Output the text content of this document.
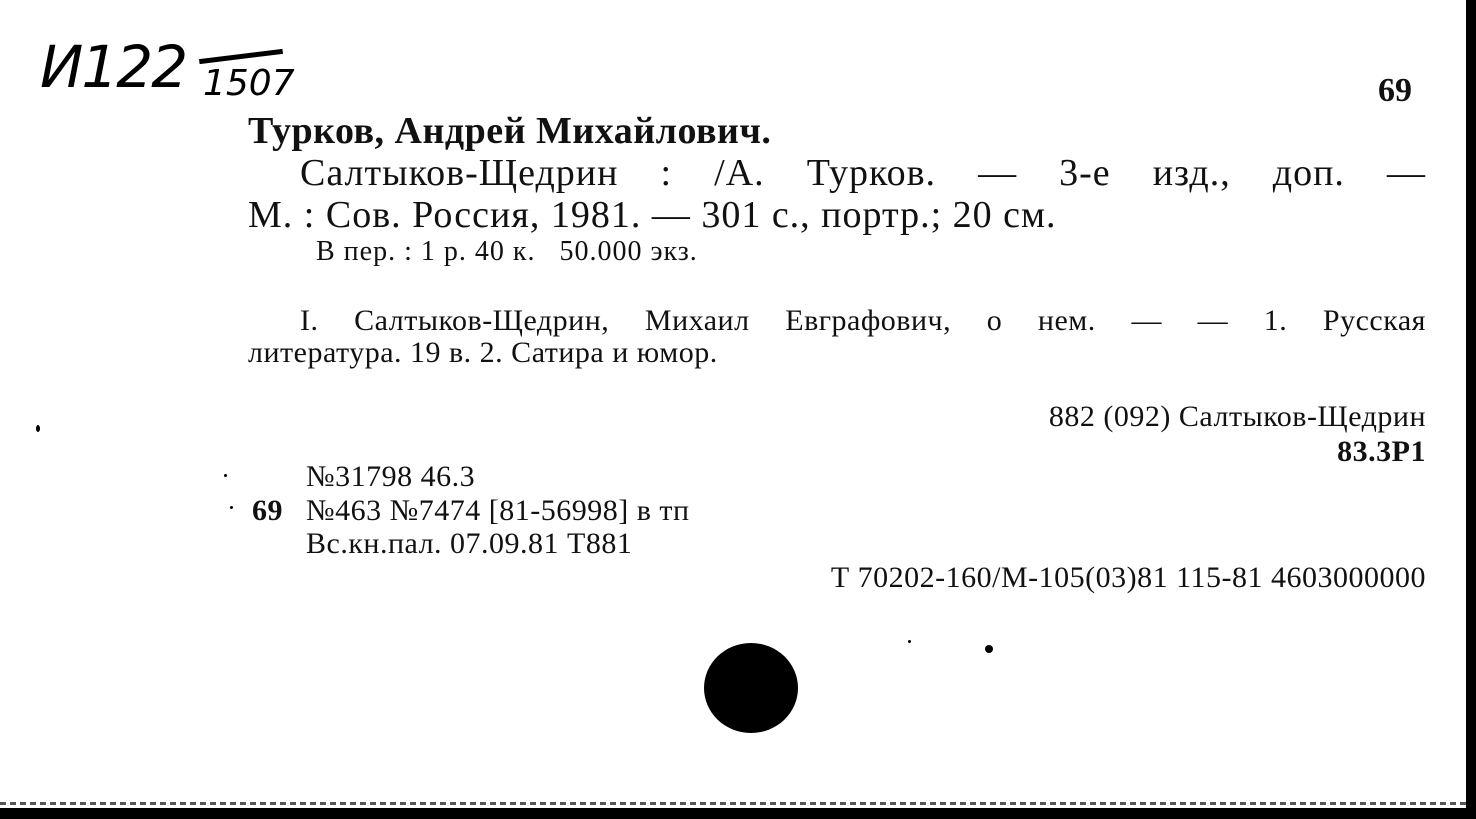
И122 1507	69
Турков, Андрей Михайлович.
Салтыков-Щедрин : /А. Турков. — 3-е изд., доп. —
М. : Сов. Россия, 1981. — 301 с., портр.; 20 см.
В пер. : 1 р. 40 к.   50.000 экз.
I. Салтыков-Щедрин, Михаил Евграфович, о нем. — — 1. Русская
литература. 19 в. 2. Сатира и юмор.
882 (092) Салтыков-Щедрин
83.3Р1
№31798 46.3
69 №463 №7474 [81-56998] в тп
Вс.кн.пал. 07.09.81 Т881
Т 70202-160/М-105(03)81 115-81 4603000000
